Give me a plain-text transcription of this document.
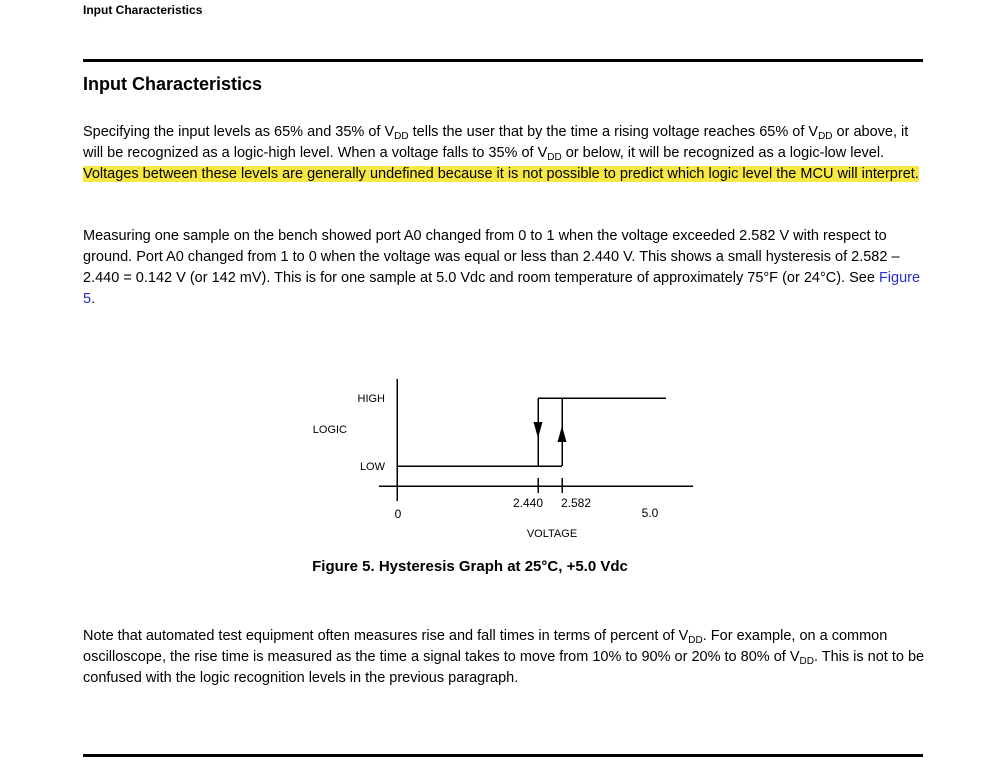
Input Characteristics
Input Characteristics

Specifying the input levels as 65% and 35% of $V_{DD}$ tells the user that by the time a rising voltage reaches 65% of $V_{DD}$ or above, it will be recognized as a logic-high level. When a voltage falls to 35% of $V_{DD}$ or below, it will be recognized as a logic-low level. Voltages between these levels are generally undefined because it is not possible to predict which logic level the MCU will interpret.

Measuring one sample on the bench showed port A0 changed from 0 to 1 when the voltage exceeded 2.582 V with respect to ground. Port A0 changed from 1 to 0 when the voltage was equal or less than 2.440 V. This shows a small hysteresis of 2.582 – 2.440 = 0.142 V (or 142 mV). This is for one sample at 5.0 Vdc and room temperature of approximately 75°F (or 24°C). See Figure 5.

HIGH
LOW
LOGIC
0
2.440 2.582
5.0
VOLTAGE
Figure 5. Hysteresis Graph at 25°C, +5.0 Vdc

Note that automated test equipment often measures rise and fall times in terms of percent of $V_{DD}$. For example, on a common oscilloscope, the rise time is measured as the time a signal takes to move from 10% to 90% or 20% to 80% of $V_{DD}$. This is not to be confused with the logic recognition levels in the previous paragraph.
